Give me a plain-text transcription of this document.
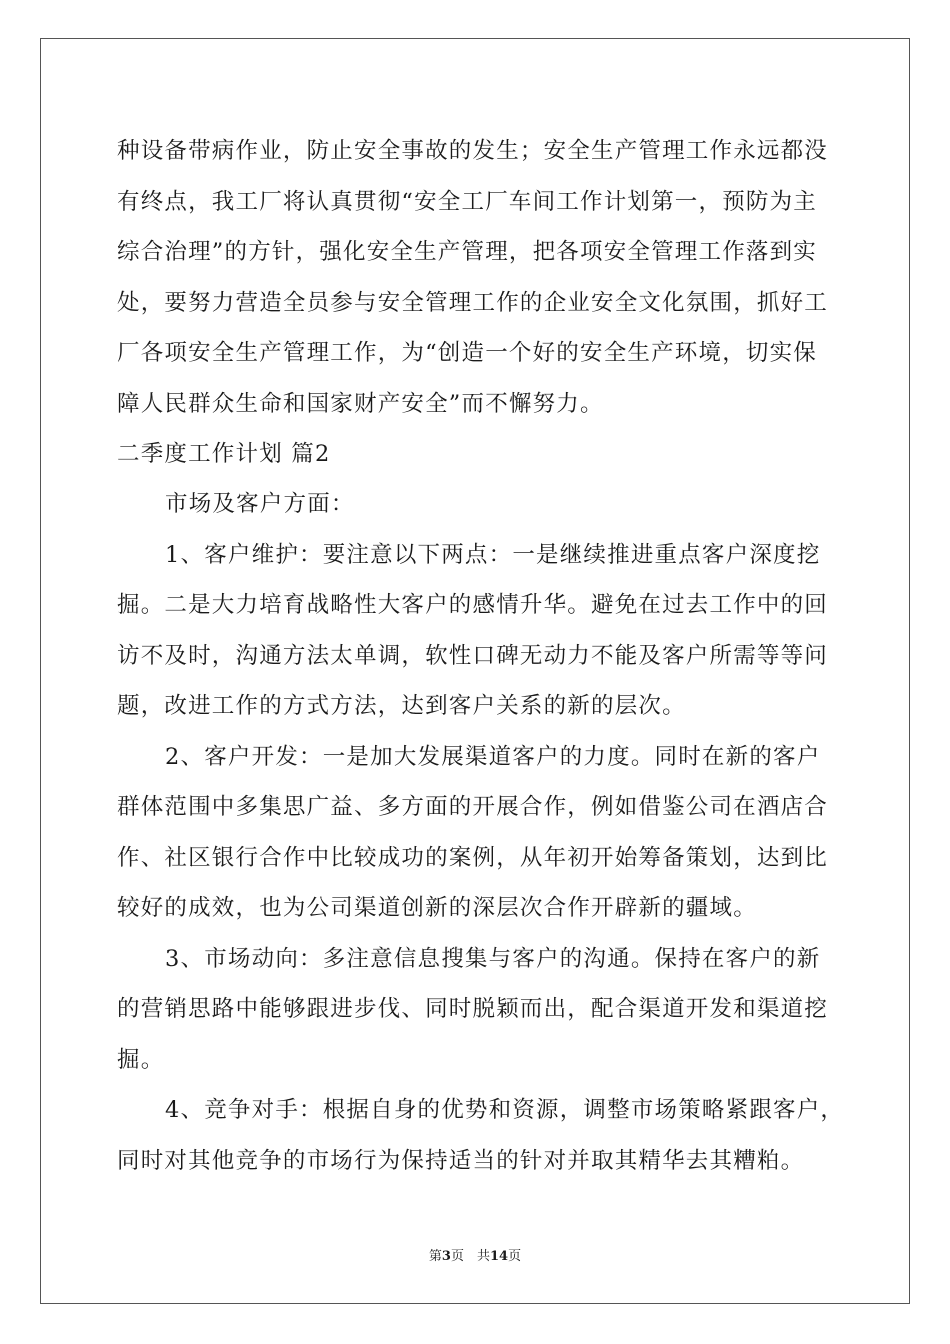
种设备带病作业，防止安全事故的发生；安全生产管理工作永远都没
有终点，我工厂将认真贯彻“安全工厂车间工作计划第一，预防为主
综合治理”的方针，强化安全生产管理，把各项安全管理工作落到实
处，要努力营造全员参与安全管理工作的企业安全文化氛围，抓好工
厂各项安全生产管理工作，为“创造一个好的安全生产环境，切实保
障人民群众生命和国家财产安全”而不懈努力。
二季度工作计划 篇2
市场及客户方面：
1、客户维护：要注意以下两点：一是继续推进重点客户深度挖
掘。二是大力培育战略性大客户的感情升华。避免在过去工作中的回
访不及时，沟通方法太单调，软性口碑无动力不能及客户所需等等问
题，改进工作的方式方法，达到客户关系的新的层次。
2、客户开发：一是加大发展渠道客户的力度。同时在新的客户
群体范围中多集思广益、多方面的开展合作，例如借鉴公司在酒店合
作、社区银行合作中比较成功的案例，从年初开始筹备策划，达到比
较好的成效，也为公司渠道创新的深层次合作开辟新的疆域。
3、市场动向：多注意信息搜集与客户的沟通。保持在客户的新
的营销思路中能够跟进步伐、同时脱颖而出，配合渠道开发和渠道挖
掘。
4、竞争对手：根据自身的优势和资源，调整市场策略紧跟客户，
同时对其他竞争的市场行为保持适当的针对并取其精华去其糟粕。
第3页　共14页
